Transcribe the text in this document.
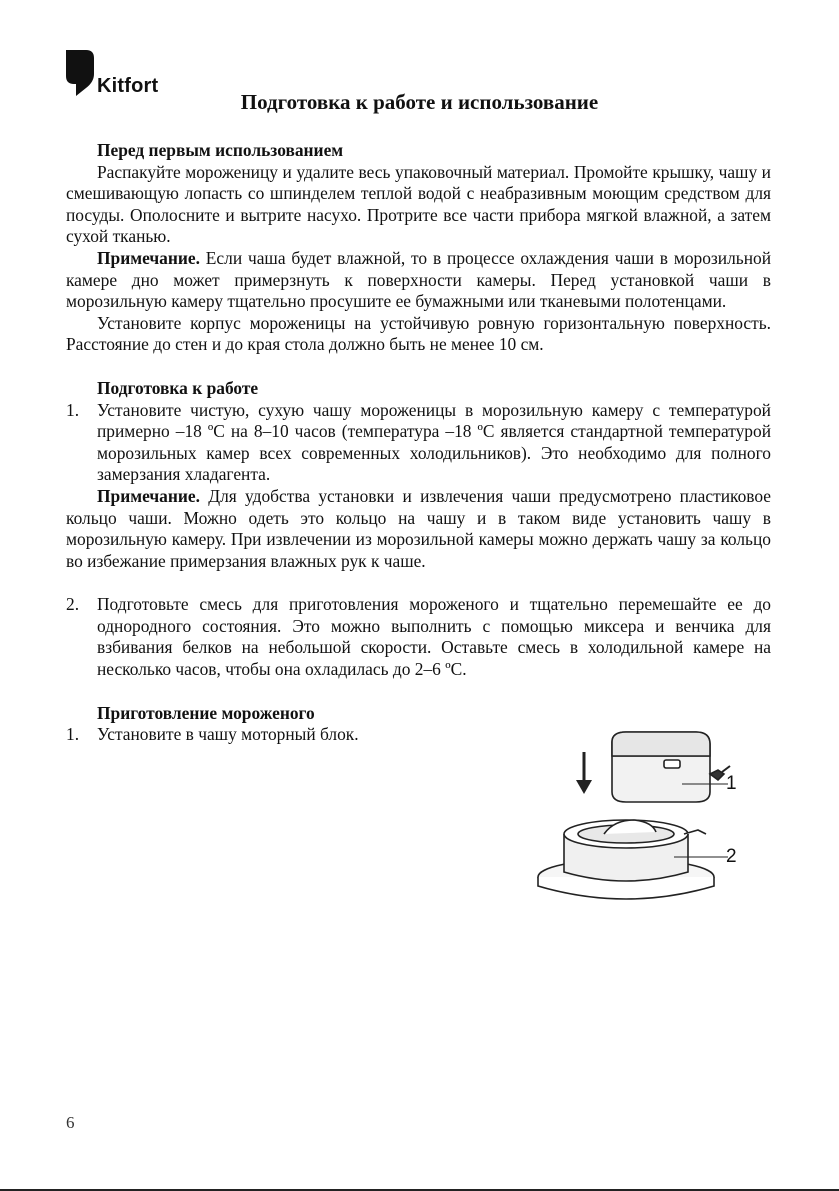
Kitfort
Подготовка к работе и использование

Перед первым использованием

Распакуйте мороженицу и удалите весь упаковочный материал. Промойте крышку, чашу и смешивающую лопасть со шпинделем теплой водой с неабразивным моющим средством для посуды. Ополосните и вытрите насухо. Протрите все части прибора мягкой влажной, а затем сухой тканью.

Примечание. Если чаша будет влажной, то в процессе охлаждения чаши в морозильной камере дно может примерзнуть к поверхности камеры. Перед установкой чаши в морозильную камеру тщательно просушите ее бумажными или тканевыми полотенцами.

Установите корпус мороженицы на устойчивую ровную горизонтальную поверхность. Расстояние до стен и до края стола должно быть не менее 10 см.

Подготовка к работе

1. Установите чистую, сухую чашу мороженицы в морозильную камеру с температурой примерно –18 ºС на 8–10 часов (температура –18 ºС является стандартной температурой морозильных камер всех современных холодильников). Это необходимо для полного замерзания хладагента.

Примечание. Для удобства установки и извлечения чаши предусмотрено пластиковое кольцо чаши. Можно одеть это кольцо на чашу и в таком виде установить чашу в морозильную камеру. При извлечении из морозильной камеры можно держать чашу за кольцо во избежание примерзания влажных рук к чаше.

2. Подготовьте смесь для приготовления мороженого и тщательно перемешайте ее до однородного состояния. Это можно выполнить с помощью миксера и венчика для взбивания белков на небольшой скорости. Оставьте смесь в холодильной камере на несколько часов, чтобы она охладилась до 2–6 ºС.

Приготовление мороженого

1. Установите в чашу моторный блок.

1
2
6
